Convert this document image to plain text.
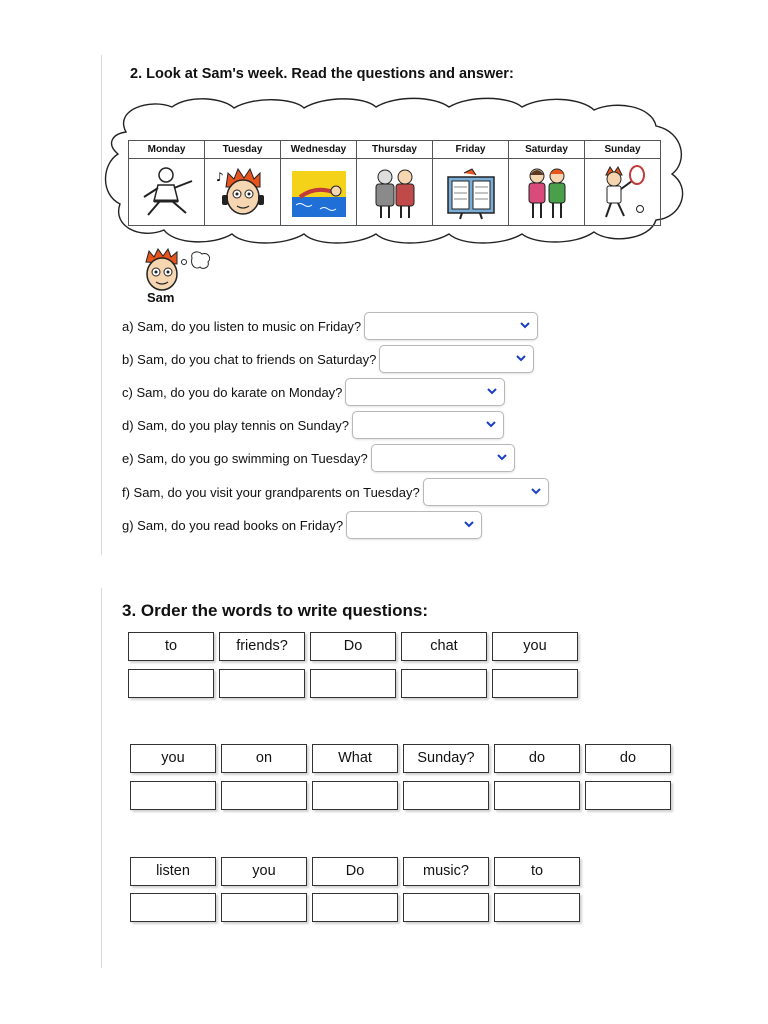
2. Look at Sam's week. Read the questions and answer:
Monday	Tuesday	Wednesday	Thursday	Friday	Saturday	Sunday

♪

Sam
a) Sam, do you listen to music on Friday?
b) Sam, do you chat to friends on Saturday?
c) Sam, do you do karate on Monday?
d) Sam, do you play tennis on Sunday?
e) Sam, do you go swimming on Tuesday?
f) Sam, do you visit your grandparents on Tuesday?
g) Sam, do you read books on Friday?
3. Order the words to write questions:
to	friends?	Do	chat	you
you	on	What	Sunday?	do	do
listen	you	Do	music?	to
